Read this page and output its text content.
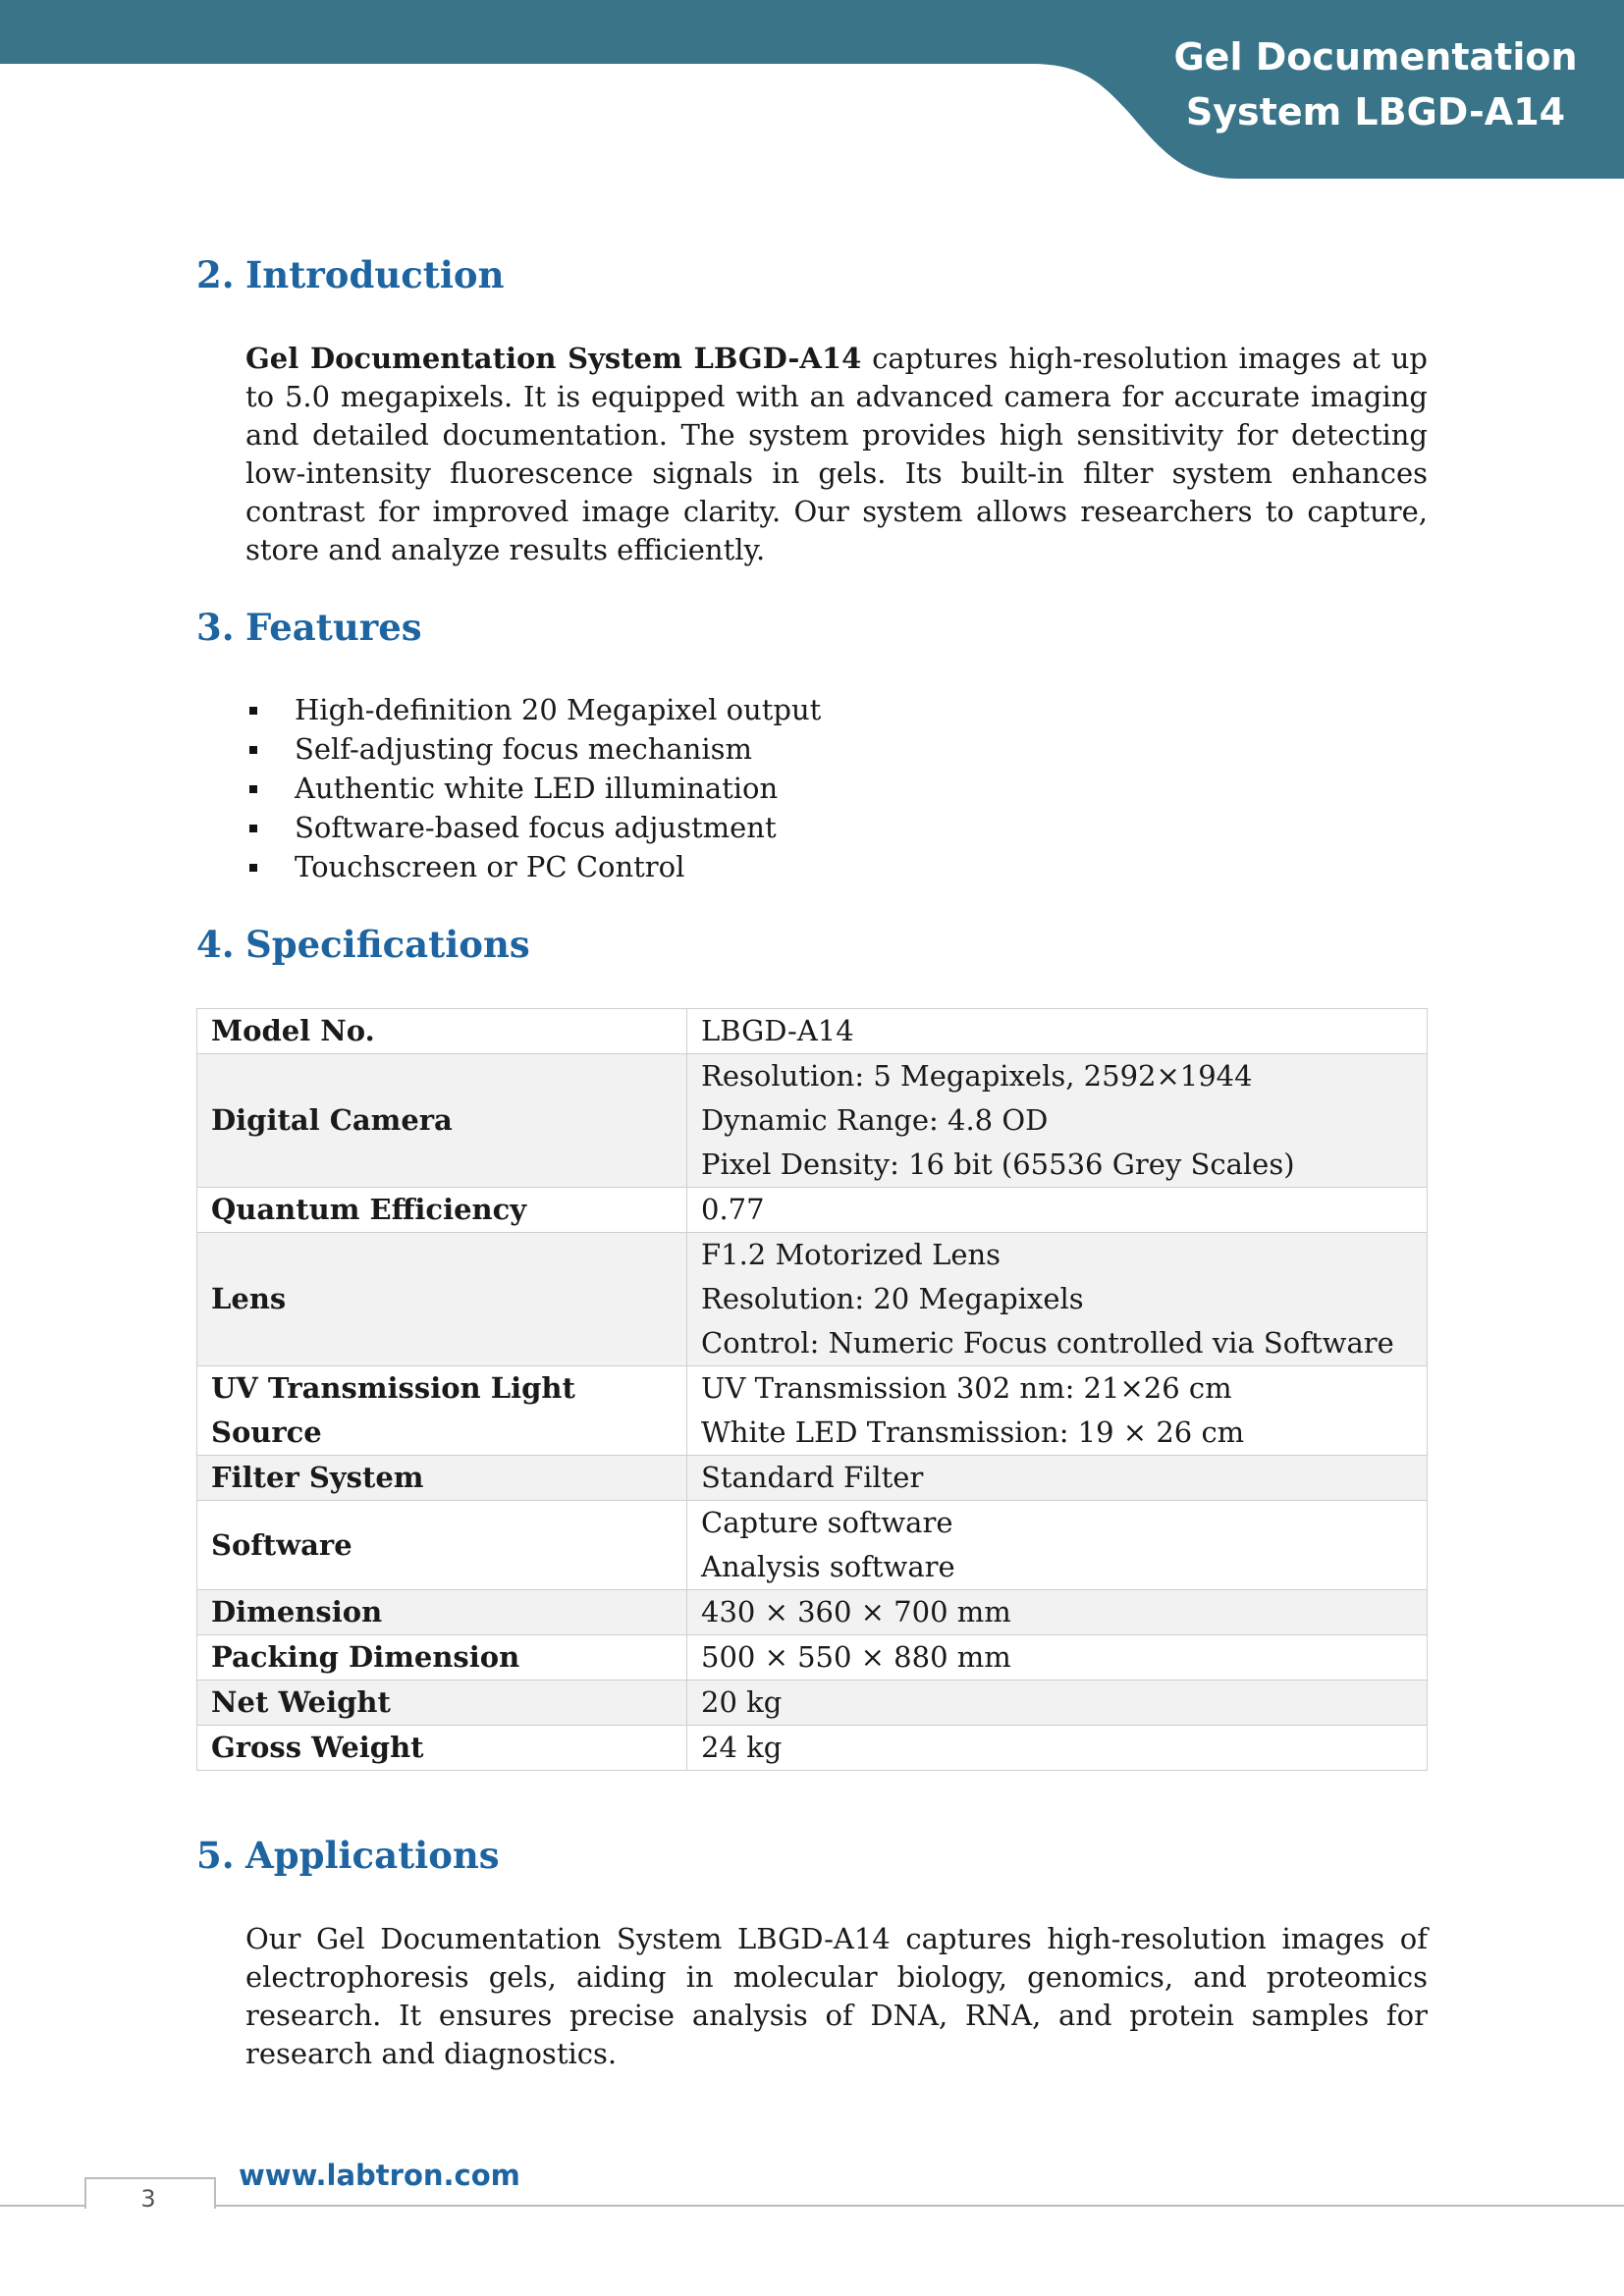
Gel Documentation
System LBGD-A14
2. Introduction

Gel Documentation System LBGD-A14 captures high-resolution images at up to 5.0 megapixels. It is equipped with an advanced camera for accurate imaging and detailed documentation. The system provides high sensitivity for detecting low-intensity fluorescence signals in gels. Its built-in filter system enhances contrast for improved image clarity. Our system allows researchers to capture, store and analyze results efficiently.

3. Features
High-definition 20 Megapixel output
Self-adjusting focus mechanism
Authentic white LED illumination
Software-based focus adjustment
Touchscreen or PC Control
4. Specifications
Model No.	LBGD-A14

Digital Camera	Resolution: 5 Megapixels, 2592×1944
Dynamic Range: 4.8 OD
Pixel Density: 16 bit (65536 Grey Scales)

Quantum Efficiency	0.77

Lens	F1.2 Motorized Lens
Resolution: 20 Megapixels
Control: Numeric Focus controlled via Software

UV Transmission Light Source	UV Transmission 302 nm: 21×26 cm
White LED Transmission: 19 × 26 cm

Filter System	Standard Filter

Software	Capture software
Analysis software

Dimension	430 × 360 × 700 mm

Packing Dimension	500 × 550 × 880 mm

Net Weight	20 kg

Gross Weight	24 kg
5. Applications

Our Gel Documentation System LBGD-A14 captures high-resolution images of electrophoresis gels, aiding in molecular biology, genomics, and proteomics research. It ensures precise analysis of DNA, RNA, and protein samples for research and diagnostics.

3
www.labtron.com
